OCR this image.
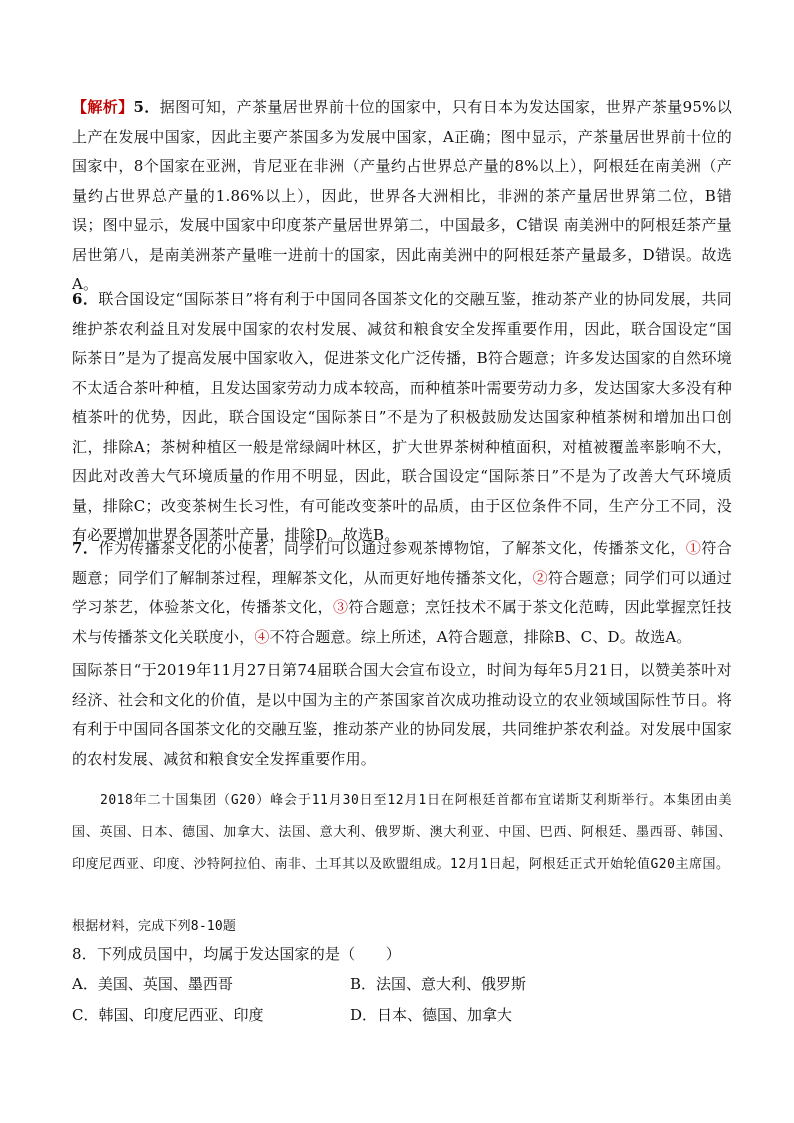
【解析】5．据图可知，产茶量居世界前十位的国家中，只有日本为发达国家，世界产茶量95%以上产在发展中国家，因此主要产茶国多为发展中国家，A正确；图中显示，产茶量居世界前十位的国家中，8个国家在亚洲，肯尼亚在非洲（产量约占世界总产量的8%以上），阿根廷在南美洲（产量约占世界总产量的1.86%以上），因此，世界各大洲相比，非洲的茶产量居世界第二位，B错误；图中显示，发展中国家中印度茶产量居世界第二，中国最多，C错误 南美洲中的阿根廷茶产量居世第八，是南美洲茶产量唯一进前十的国家，因此南美洲中的阿根廷茶产量最多，D错误。故选A。
6．联合国设定“国际茶日”将有利于中国同各国茶文化的交融互鉴，推动茶产业的协同发展，共同维护茶农利益且对发展中国家的农村发展、减贫和粮食安全发挥重要作用，因此，联合国设定“国际茶日”是为了提高发展中国家收入，促进茶文化广泛传播，B符合题意；许多发达国家的自然环境不太适合茶叶种植，且发达国家劳动力成本较高，而种植茶叶需要劳动力多，发达国家大多没有种植茶叶的优势，因此，联合国设定“国际茶日”不是为了积极鼓励发达国家种植茶树和增加出口创汇，排除A；茶树种植区一般是常绿阔叶林区，扩大世界茶树种植面积，对植被覆盖率影响不大，因此对改善大气环境质量的作用不明显，因此，联合国设定“国际茶日”不是为了改善大气环境质量，排除C；改变茶树生长习性，有可能改变茶叶的品质，由于区位条件不同，生产分工不同，没有必要增加世界各国茶叶产量，排除D。故选B。
7．作为传播茶文化的小使者，同学们可以通过参观茶博物馆，了解茶文化，传播茶文化，①符合题意；同学们了解制茶过程，理解茶文化，从而更好地传播茶文化，②符合题意；同学们可以通过学习茶艺，体验茶文化，传播茶文化，③符合题意；烹饪技术不属于茶文化范畴，因此掌握烹饪技术与传播茶文化关联度小，④不符合题意。综上所述，A符合题意，排除B、C、D。故选A。
国际茶日“于2019年11月27日第74届联合国大会宣布设立，时间为每年5月21日，以赞美茶叶对经济、社会和文化的价值，是以中国为主的产茶国家首次成功推动设立的农业领域国际性节日。将有利于中国同各国茶文化的交融互鉴，推动茶产业的协同发展，共同维护茶农利益。对发展中国家的农村发展、减贫和粮食安全发挥重要作用。
2018年二十国集团（G20）峰会于11月30日至12月1日在阿根廷首都布宜诺斯艾利斯举行。本集团由美国、英国、日本、德国、加拿大、法国、意大利、俄罗斯、澳大利亚、中国、巴西、阿根廷、墨西哥、韩国、印度尼西亚、印度、沙特阿拉伯、南非、土耳其以及欧盟组成。12月1日起，阿根廷正式开始轮值G20主席国。
根据材料，完成下列8-10题
8．下列成员国中，均属于发达国家的是（　　）
A．美国、英国、墨西哥	B．法国、意大利、俄罗斯
C．韩国、印度尼西亚、印度	D．日本、德国、加拿大
